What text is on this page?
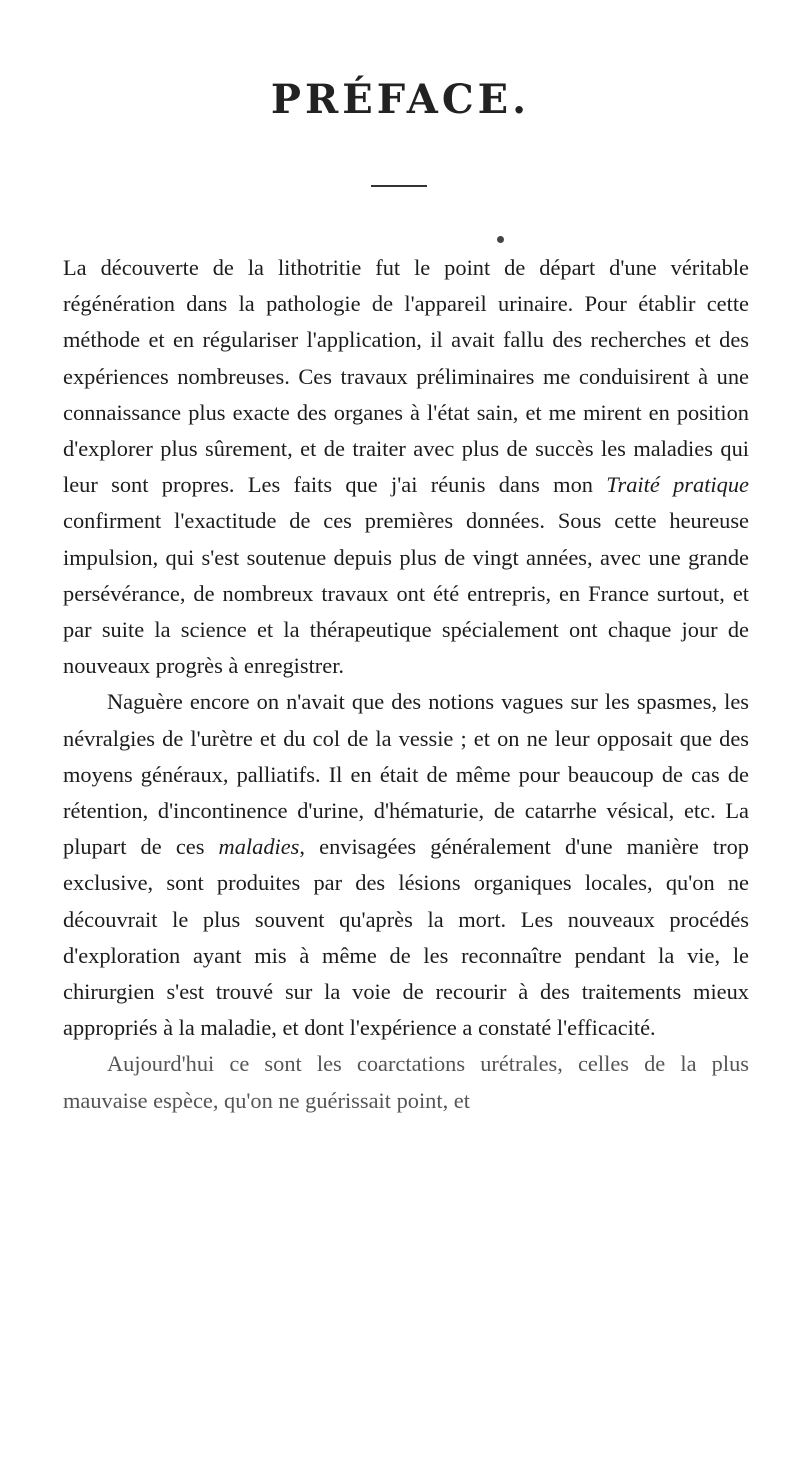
PRÉFACE.

La découverte de la lithotritie fut le point de départ d'une véritable régénération dans la pathologie de l'appareil urinaire. Pour établir cette méthode et en régulariser l'application, il avait fallu des recherches et des expériences nombreuses. Ces travaux préliminaires me conduisirent à une connaissance plus exacte des organes à l'état sain, et me mirent en position d'explorer plus sûrement, et de traiter avec plus de succès les maladies qui leur sont propres. Les faits que j'ai réunis dans mon Traité pratique confirment l'exactitude de ces premières données. Sous cette heureuse impulsion, qui s'est soutenue depuis plus de vingt années, avec une grande persévérance, de nombreux travaux ont été entrepris, en France surtout, et par suite la science et la thérapeutique spécialement ont chaque jour de nouveaux progrès à enregistrer.

Naguère encore on n'avait que des notions vagues sur les spasmes, les névralgies de l'urètre et du col de la vessie ; et on ne leur opposait que des moyens généraux, palliatifs. Il en était de même pour beaucoup de cas de rétention, d'incontinence d'urine, d'hématurie, de catarrhe vésical, etc. La plupart de ces maladies, envisagées généralement d'une manière trop exclusive, sont produites par des lésions organiques locales, qu'on ne découvrait le plus souvent qu'après la mort. Les nouveaux procédés d'exploration ayant mis à même de les reconnaître pendant la vie, le chirurgien s'est trouvé sur la voie de recourir à des traitements mieux appropriés à la maladie, et dont l'expérience a constaté l'efficacité.

Aujourd'hui ce sont les coarctations urétrales, celles de la plus mauvaise espèce, qu'on ne guérissait point, et
